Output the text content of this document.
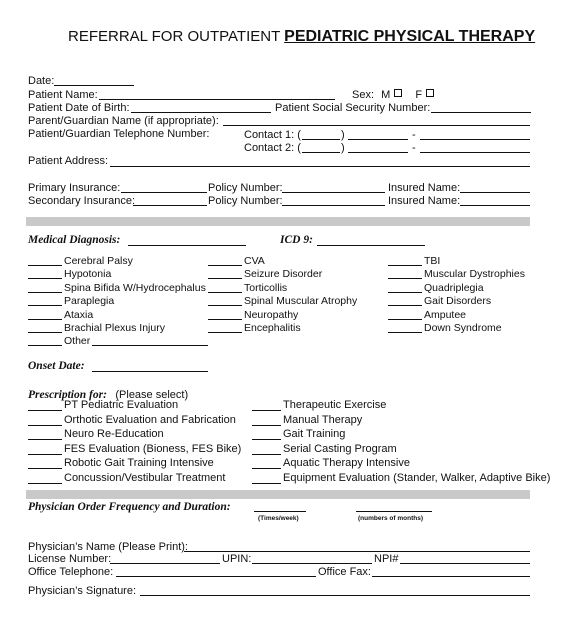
REFERRAL FOR OUTPATIENT PEDIATRIC PHYSICAL THERAPY
Date:
Patient Name:	Sex: M F
Patient Date of Birth:	Patient Social Security Number:
Parent/Guardian Name (if appropriate):
Patient/Guardian Telephone Number:	Contact 1: (	)	-
Contact 2: (	)	-
Patient Address:
Primary Insurance:	Policy Number:	Insured Name:
Secondary Insurance:	Policy Number:	Insured Name:
Medical Diagnosis:	ICD 9:
Cerebral Palsy
Hypotonia
Spina Bifida W/Hydrocephalus
Paraplegia
Ataxia
Brachial Plexus Injury
Other
CVA
Seizure Disorder
Torticollis
Spinal Muscular Atrophy
Neuropathy
Encephalitis
TBI
Muscular Dystrophies
Quadriplegia
Gait Disorders
Amputee
Down Syndrome
Onset Date:
Prescription for: (Please select)
PT Pediatric Evaluation
Orthotic Evaluation and Fabrication
Neuro Re-Education
FES Evaluation (Bioness, FES Bike)
Robotic Gait Training Intensive
Concussion/Vestibular Treatment
Therapeutic Exercise
Manual Therapy
Gait Training
Serial Casting Program
Aquatic Therapy Intensive
Equipment Evaluation (Stander, Walker, Adaptive Bike)
Physician Order Frequency and Duration:
(Times/week)	(numbers of months)
Physician’s Name (Please Print):
License Number:	UPIN:	NPI#
Office Telephone:	Office Fax:
Physician’s Signature:
